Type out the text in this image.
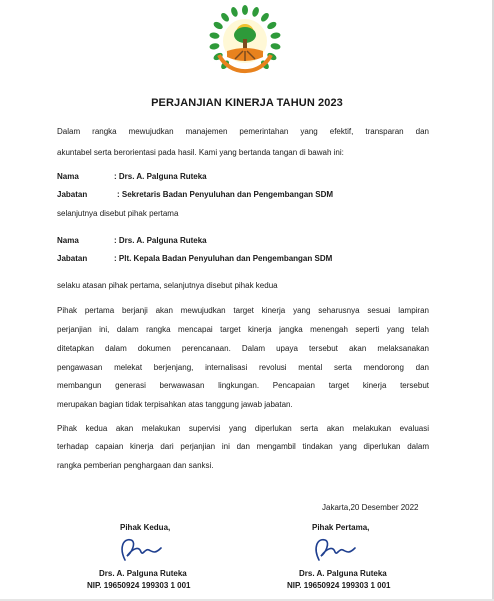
PERJANJIAN KINERJA TAHUN 2023
Dalam rangka mewujudkan manajemen pemerintahan yang efektif, transparan dan
akuntabel serta berorientasi pada hasil. Kami yang bertanda tangan di bawah ini:
Nama	: Drs. A. Palguna Ruteka
Jabatan	: Sekretaris Badan Penyuluhan dan Pengembangan SDM
selanjutnya disebut pihak pertama
Nama	: Drs. A. Palguna Ruteka
Jabatan	: Plt. Kepala Badan Penyuluhan dan Pengembangan SDM
selaku atasan pihak pertama, selanjutnya disebut pihak kedua
Pihak pertama berjanji akan mewujudkan target kinerja yang seharusnya sesuai lampiran
perjanjian ini, dalam rangka mencapai target kinerja jangka menengah seperti yang telah
ditetapkan dalam dokumen perencanaan. Dalam upaya tersebut akan melaksanakan
pengawasan melekat berjenjang, internalisasi revolusi mental serta mendorong dan
membangun generasi berwawasan lingkungan. Pencapaian target kinerja tersebut
merupakan bagian tidak terpisahkan atas tanggung jawab jabatan.
Pihak kedua akan melakukan supervisi yang diperlukan serta akan melakukan evaluasi
terhadap capaian kinerja dari perjanjian ini dan mengambil tindakan yang diperlukan dalam
rangka pemberian penghargaan dan sanksi.
Jakarta,20 Desember 2022
Pihak Kedua,
Drs. A. Palguna Ruteka
NIP. 19650924 199303 1 001
Pihak Pertama,
Drs. A. Palguna Ruteka
NIP. 19650924 199303 1 001
